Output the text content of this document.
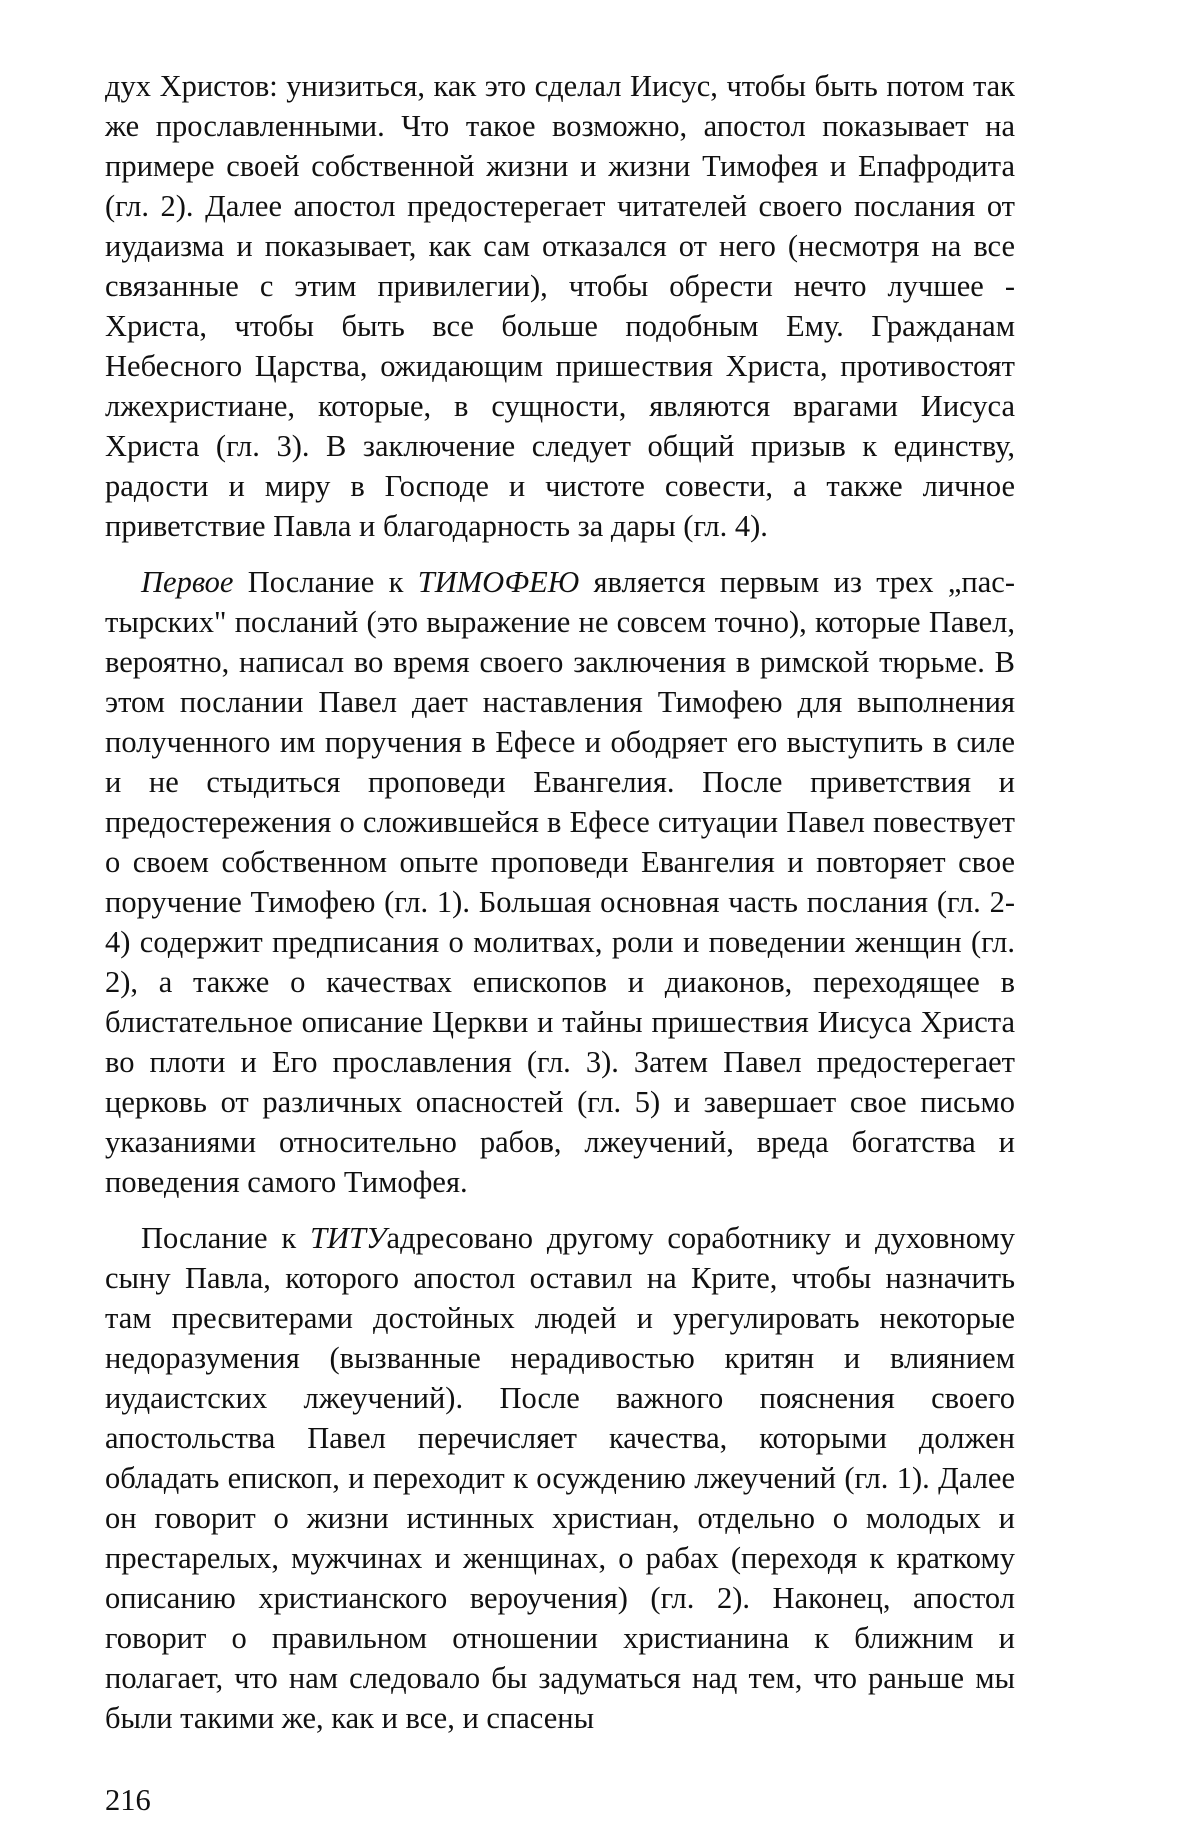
дух Христов: унизиться, как это сделал Иисус, чтобы быть потом так же прославленными. Что такое возможно, апостол показывает на примере своей собственной жизни и жизни Тимофея и Епафродита (гл. 2). Далее апостол предостерегает читателей своего послания от иудаизма и показывает, как сам отказался от него (несмотря на все связанные с этим привилегии), чтобы обрести нечто лучшее - Христа, чтобы быть все больше подобным Ему. Гражданам Небесного Царства, ожидающим пришествия Христа, противостоят лжехристиане, которые, в сущности, являются врагами Иисуса Христа (гл. 3). В заключение следует общий призыв к единству, радости и миру в Господе и чистоте совести, а также личное приветствие Павла и благодарность за дары (гл. 4).

Первое Послание к ТИМОФЕЮ является первым из трех „пастырских" посланий (это выражение не совсем точно), которые Павел, вероятно, написал во время своего заключения в римской тюрьме. В этом послании Павел дает наставления Тимофею для выполнения полученного им поручения в Ефесе и ободряет его выступить в силе и не стыдиться проповеди Евангелия. После приветствия и предостережения о сложившейся в Ефесе ситуации Павел повествует о своем собственном опыте проповеди Евангелия и повторяет свое поручение Тимофею (гл. 1). Большая основная часть послания (гл. 2-4) содержит предписания о молитвах, роли и поведении женщин (гл. 2), а также о качествах епископов и диаконов, переходящее в блистательное описание Церкви и тайны пришествия Иисуса Христа во плоти и Его прославления (гл. 3). Затем Павел предостерегает церковь от различных опасностей (гл. 5) и завершает свое письмо указаниями относительно рабов, лжеучений, вреда богатства и поведения самого Тимофея.

Послание к ТИТУадресовано другому соработнику и духовному сыну Павла, которого апостол оставил на Крите, чтобы назначить там пресвитерами достойных людей и урегулировать некоторые недоразумения (вызванные нерадивостью критян и влиянием иудаистских лжеучений). После важного пояснения своего апостольства Павел перечисляет качества, которыми должен обладать епископ, и переходит к осуждению лжеучений (гл. 1). Далее он говорит о жизни истинных христиан, отдельно о молодых и престарелых, мужчинах и женщинах, о рабах (переходя к краткому описанию христианского вероучения) (гл. 2). Наконец, апостол говорит о правильном отношении христианина к ближним и полагает, что нам следовало бы задуматься над тем, что раньше мы были такими же, как и все, и спасены

216
